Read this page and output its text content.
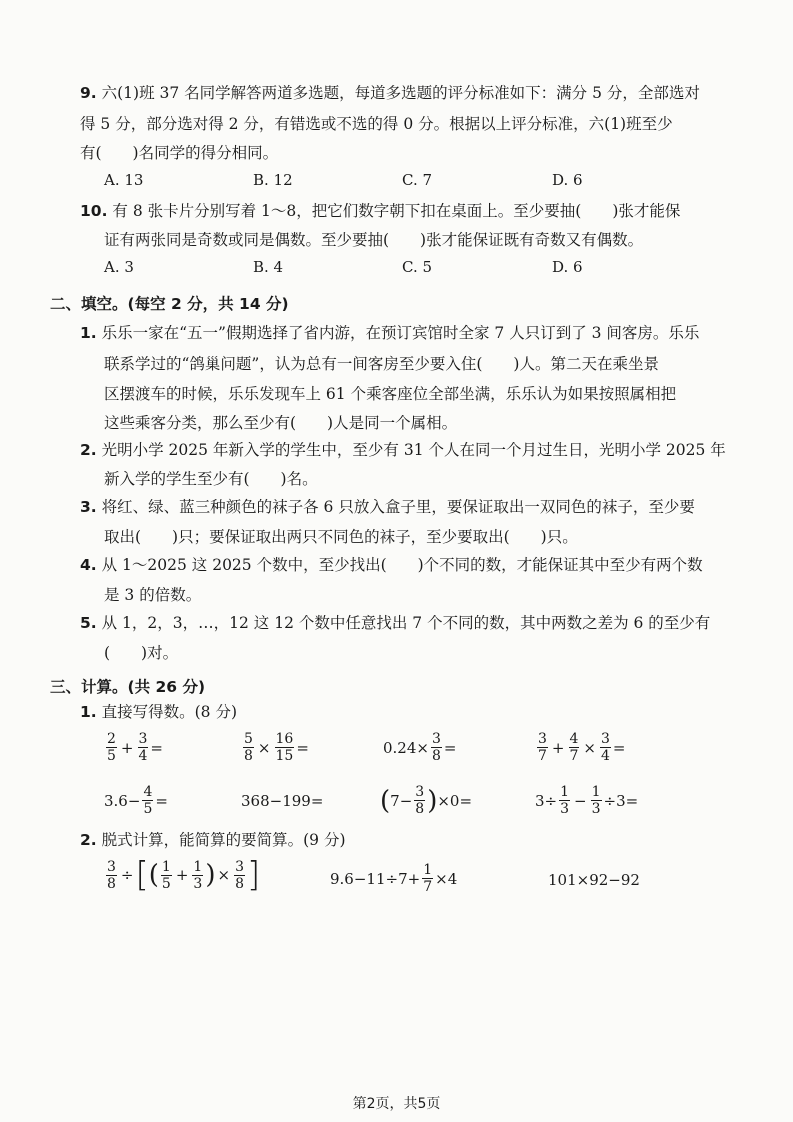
9. 六(1)班 37 名同学解答两道多选题，每道多选题的评分标准如下：满分 5 分，全部选对
得 5 分，部分选对得 2 分，有错选或不选的得 0 分。根据以上评分标准，六(1)班至少
有(　　)名同学的得分相同。
A. 13	B. 12	C. 7	D. 6
10. 有 8 张卡片分别写着 1～8，把它们数字朝下扣在桌面上。至少要抽(　　)张才能保
证有两张同是奇数或同是偶数。至少要抽(　　)张才能保证既有奇数又有偶数。
A. 3	B. 4	C. 5	D. 6
二、填空。(每空 2 分，共 14 分)
1. 乐乐一家在“五一”假期选择了省内游，在预订宾馆时全家 7 人只订到了 3 间客房。乐乐
联系学过的“鸽巢问题”，认为总有一间客房至少要入住(　　)人。第二天在乘坐景
区摆渡车的时候，乐乐发现车上 61 个乘客座位全部坐满，乐乐认为如果按照属相把
这些乘客分类，那么至少有(　　)人是同一个属相。
2. 光明小学 2025 年新入学的学生中，至少有 31 个人在同一个月过生日，光明小学 2025 年
新入学的学生至少有(　　)名。
3. 将红、绿、蓝三种颜色的袜子各 6 只放入盒子里，要保证取出一双同色的袜子，至少要
取出(　　)只；要保证取出两只不同色的袜子，至少要取出(　　)只。
4. 从 1～2025 这 2025 个数中，至少找出(　　)个不同的数，才能保证其中至少有两个数
是 3 的倍数。
5. 从 1，2，3，…，12 这 12 个数中任意找出 7 个不同的数，其中两数之差为 6 的至少有
(　　)对。
三、计算。(共 26 分)
1. 直接写得数。(8 分)
$\frac{2}{5} + \frac{3}{4}$ =	$\frac{5}{8} \times \frac{16}{15}$ =	$0.24\times \frac{3}{8}$ =	$\frac{3}{7} + \frac{4}{7} \times \frac{3}{4}$ =
$3.6- \frac{4}{5}$ =	368−199= ( $7- \frac{3}{8}$ ) ×0=	$3\div \frac{1}{3} - \frac{1}{3} \div 3=$
2. 脱式计算，能简算的要简算。(9 分)
$\frac{3}{8}$ ÷ [ ( $\frac{1}{5} + \frac{1}{3}$ ) × $\frac{3}{8}$ ]	$9.6-11\div 7+ \frac{1}{7} \times 4$	101×92−92
第2页，共5页
